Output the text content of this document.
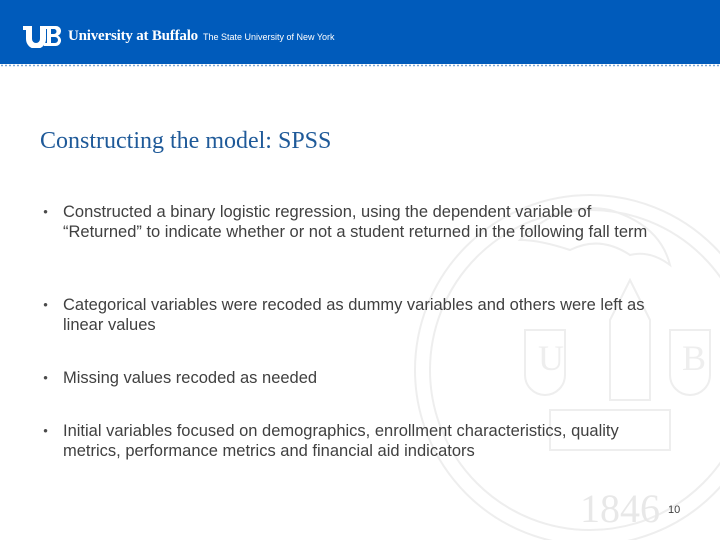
University at Buffalo The State University of New York
U	B
1846
Constructing the model: SPSS
• Constructed a binary logistic regression, using the dependent variable of “Returned” to indicate whether or not a student returned in the following fall term
• Categorical variables were recoded as dummy variables and others were left as linear values
• Missing values recoded as needed
• Initial variables focused on demographics, enrollment characteristics, quality metrics, performance metrics and financial aid indicators
10
